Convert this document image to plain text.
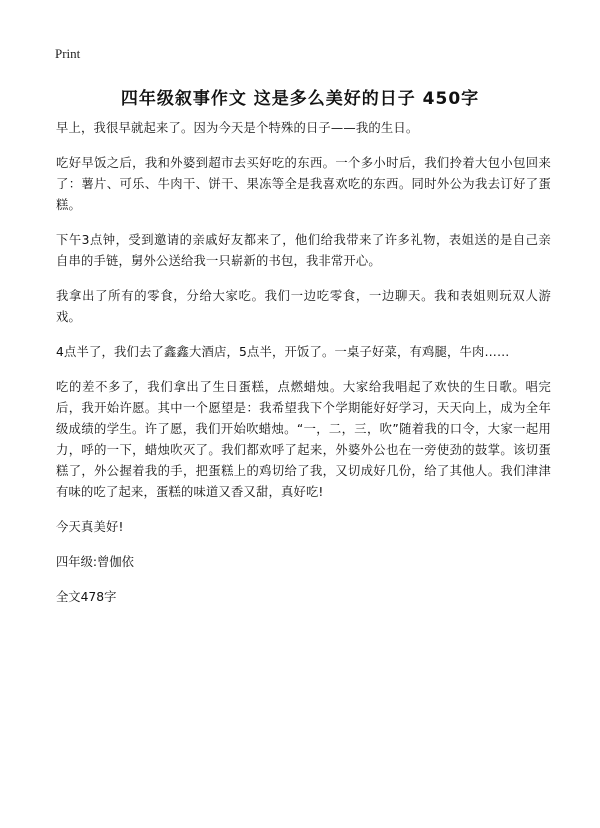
Print
四年级叙事作文 这是多么美好的日子 450字

早上，我很早就起来了。因为今天是个特殊的日子——我的生日。

吃好早饭之后，我和外婆到超市去买好吃的东西。一个多小时后，我们拎着大包小包回来了：薯片、可乐、牛肉干、饼干、果冻等全是我喜欢吃的东西。同时外公为我去订好了蛋糕。

下午3点钟，受到邀请的亲戚好友都来了，他们给我带来了许多礼物，表姐送的是自己亲自串的手链，舅外公送给我一只崭新的书包，我非常开心。

我拿出了所有的零食，分给大家吃。我们一边吃零食，一边聊天。我和表姐则玩双人游戏。

4点半了，我们去了鑫鑫大酒店，5点半，开饭了。一桌子好菜，有鸡腿，牛肉……

吃的差不多了，我们拿出了生日蛋糕，点燃蜡烛。大家给我唱起了欢快的生日歌。唱完后，我开始许愿。其中一个愿望是：我希望我下个学期能好好学习，天天向上，成为全年级成绩的学生。许了愿，我们开始吹蜡烛。“一，二，三，吹”随着我的口令，大家一起用力，呼的一下，蜡烛吹灭了。我们都欢呼了起来，外婆外公也在一旁使劲的鼓掌。该切蛋糕了，外公握着我的手，把蛋糕上的鸡切给了我，又切成好几份，给了其他人。我们津津有味的吃了起来，蛋糕的味道又香又甜，真好吃!

今天真美好!

四年级:曾伽依

全文478字
